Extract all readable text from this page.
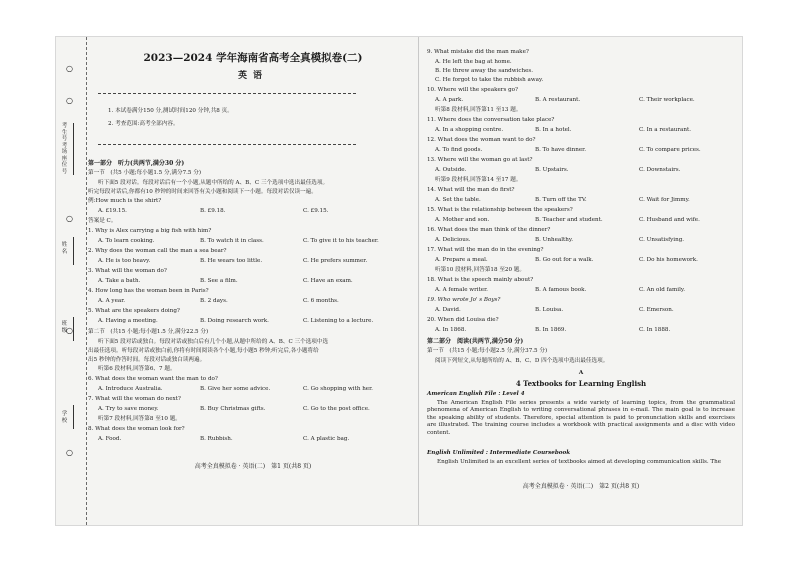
○
○
○
○
○
考生号考场座位号
姓名
班级
学校
2023—2024 学年海南省高考全真模拟卷(二)
英语
1. 本试卷满分150 分,测试时间120 分钟,共8 页。
2. 考查范围:高考全部内容。
第一部分　听力(共两节,满分30 分)
第一节　(共5 小题;每小题1.5 分,满分7.5 分)
听下面5 段对话。每段对话后有一个小题,从题中所给的 A、B、C 三个选项中选出最佳选项。
听完每段对话后,你都有10 秒钟的时间来回答有关小题和阅读下一小题。每段对话仅读一遍。
例:How much is the shirt?
A. £19.15.	B. £9.18.	C. £9.15.
答案是 C。
1. Why is Alex carrying a big fish with him?
A. To learn cooking.	B. To watch it in class.	C. To give it to his teacher.
2. Why does the woman call the man a sea bear?
A. He is too heavy.	B. He wears too little.	C. He prefers summer.
3. What will the woman do?
A. Take a bath.	B. See a film.	C. Have an exam.
4. How long has the woman been in Paris?
A. A year.	B. 2 days.	C. 6 months.
5. What are the speakers doing?
A. Having a meeting.	B. Doing research work.	C. Listening to a lecture.
第二节　(共15 小题;每小题1.5 分,满分22.5 分)
听下面5 段对话或独白。每段对话或独白后有几个小题,从题中所给的 A、B、C 三个选项中选
出最佳选项。听每段对话或独白前,你将有时间阅读各个小题,每小题5 秒钟;听完后,各小题将给
出5 秒钟的作答时间。每段对话或独白读两遍。
听第6 段材料,回答第6、7 题。
6. What does the woman want the man to do?
A. Introduce Australia.	B. Give her some advice.	C. Go shopping with her.
7. What will the woman do next?
A. Try to save money.	B. Buy Christmas gifts.	C. Go to the post office.
听第7 段材料,回答第8 至10 题。
8. What does the woman look for?
A. Food.	B. Rubbish.	C. A plastic bag.
高考全真模拟卷 · 英语(二)　第1 页(共8 页)
9. What mistake did the man make?
A. He left the bag at home.
B. He threw away the sandwiches.
C. He forgot to take the rubbish away.
10. Where will the speakers go?
A. A park.	B. A restaurant.	C. Their workplace.
听第8 段材料,回答第11 至13 题。
11. Where does the conversation take place?
A. In a shopping centre.	B. In a hotel.	C. In a restaurant.
12. What does the woman want to do?
A. To find goods.	B. To have dinner.	C. To compare prices.
13. Where will the woman go at last?
A. Outside.	B. Upstairs.	C. Downstairs.
听第9 段材料,回答第14 至17 题。
14. What will the man do first?
A. Set the table.	B. Turn off the TV.	C. Wait for Jimmy.
15. What is the relationship between the speakers?
A. Mother and son.	B. Teacher and student.	C. Husband and wife.
16. What does the man think of the dinner?
A. Delicious.	B. Unhealthy.	C. Unsatisfying.
17. What will the man do in the evening?
A. Prepare a meal.	B. Go out for a walk.	C. Do his homework.
听第10 段材料,回答第18 至20 题。
18. What is the speech mainly about?
A. A female writer.	B. A famous book.	C. An old family.
19. Who wrote Jo' s Boys?
A. David.	B. Louisa.	C. Emerson.
20. When did Louisa die?
A. In 1868.	B. In 1869.	C. In 1888.
第二部分　阅读(共两节,满分50 分)
第一节　(共15 小题;每小题2.5 分,满分37.5 分)
阅读下列短文,从每题所给的 A、B、C、D 四个选项中选出最佳选项。
A
4 Textbooks for Learning English
American English File : Level 4
The American English File series presents a wide variety of learning topics, from the grammatical phenomena of American English to writing conversational phrases in e-mail. The main goal is to increase the speaking ability of students. Therefore, special attention is paid to pronunciation skills and exercises are illustrated. The training course includes a workbook with practical assignments and a disc with video content.
English Unlimited : Intermediate Coursebook
English Unlimited is an excellent series of textbooks aimed at developing communication skills. The
高考全真模拟卷 · 英语(二)　第2 页(共8 页)
